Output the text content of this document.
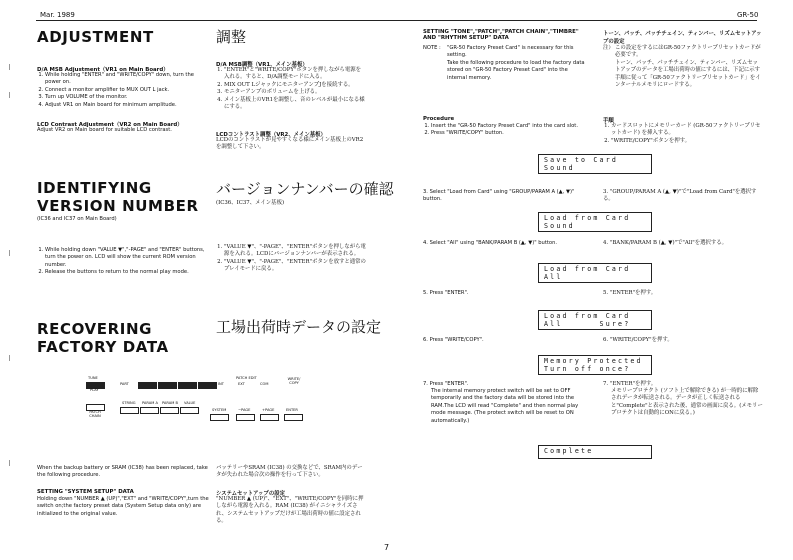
Mar. 1989	GR-50
ADJUSTMENT	調整
D/A MSB Adjustment（VR1 on Main Board）
1. While holding "ENTER" and "WRITE/COPY" down, turn the power on.
2. Connect a monitor amplifier to MUX OUT L jack.
3. Turn up VOLUME of the monitor.
4. Adjust VR1 on Main board for minimum amplitude.
LCD Contrast Adjustment（VR2 on Main Board）
Adjust VR2 on Main board for suitable LCD contrast.
D/A MSB調整（VR1、メイン基板）
1. "ENTER"と"WRITE/COPY"ボタンを押しながら電源を入れる。すると、D/A調整モードに入る。
2. MIX OUT LジャックにモニターアンプJを接続する。
3. モニターアンプのボリュームを上げる。
4. メイン基板上のVR1を調整し、音のレベルが最小になる様にする。
LCDコントラスト調整（VR2、メイン基板）
LCDのコントラストが見やすくなる様にメイン基板上のVR2を調整して下さい。
IDENTIFYING
VERSION NUMBER
(IC36 and IC37 on Main Board)
バージョンナンバーの確認
(IC36、IC37、メイン基板)
1. While holding down "VALUE ▼","-PAGE" and "ENTER" buttons, turn the power on. LCD will show the current ROM version number.
2. Release the buttons to return to the normal play mode.
1. "VALUE ▼"、"-PAGE"、"ENTER"ボタンを押しながら電源を入れる。LCDにバージョンナンバーが表示される。
2. "VALUE ▼"、"-PAGE"、"ENTER"ボタンを放すと通常のプレイモードに戻る。
RECOVERING
FACTORY DATA
工場出荷時データの設定
TUNE
PLAY
PART
PATCH EDIT
INT	EXT	COM
WRITE/ COPY
PATCH CHAIN
STRING PARAM A PARAM B VALUE
SYSTEM	−PAGE	+PAGE	ENTER
When the backup battery or SRAM (IC38) has been replaced, take the following procedure.
バッテリーやSRAM (IC38) の交換などで、SRAM内のデータが失われた場合次の操作を行って下さい。
SETTING "SYSTEM SETUP" DATA
Holding down "NUMBER ▲ (UP)","EXT" and "WRITE/COPY",turn the switch on;the factory preset data (System Setup data only) are initialized to the original value.
システムセットアップの設定
"NUMBER ▲ (UP)"、"EXT"、"WRITE/COPY"を同時に押しながら電源を入れる。RAM (IC38) がイニシャライズされ、システムセットアップだけが工場出荷時の値に設定される。
SETTING "TONE","PATCH","PATCH CHAIN","TIMBRE" AND "RHYTHM SETUP" DATA
NOTE : "GR-50 Factory Preset Card" is necessary for this setting.
Take the following procedure to load the factory data stored on "GR-50 Factory Preset Card" into the internal memory.
トーン、パッチ、パッチチェイン、ティンバー、リズムセットアップの設定
注） この設定をするにはGR-50ファクトリープリセットカードが必要です。
トーン、パッチ、パッチチェイン、ティンバー、リズムセットアップのデータを工場出荷時の値にするには、下記に示す手順に従って「GR-50ファクトリープリセットカード」をインターナルメモリにロードする。
Procedure
1. Insert the "GR-50 Factory Preset Card" into the card slot.
2. Press "WRITE/COPY" button.
手順
1. カードスロットにメモリーカード (GR-50ファクトリープリセットカード) を挿入する。
2. "WRITE/COPY"ボタンを押す。
Save to Card
Sound
3. Select "Load from Card" using "GROUP/PARAM A (▲, ▼)" button.
3. "GROUP/PARAM A (▲, ▼)"で"Load from Card"を選択する。
Load from Card
Sound
4. Select "All" using "BANK/PARAM B (▲, ▼)" button.	4. "BANK/PARAM B (▲, ▼)"で"All"を選択する。
Load from Card
All
5. Press "ENTER".	5. "ENTER"を押す。
Load from Card
All      Sure?
6. Press "WRITE/COPY".	6. "WRITE/COPY"を押す。
Memory Protected
Turn off once?
7. Press "ENTER".
The internal memory protect switch will be set to OFF temporarily and the factory data will be stored into the RAM.The LCD will read "Complete" and then normal play mode message. (The protect switch will be reset to ON automatically.)
7. "ENTER"を押す。
メモリープロテクト (ソフト上で解除できる) が一時的に解除されデータが転送される。データが正しく転送されると"Complete"と表示された後、通常の画面に戻る。(メモリープロテクトは自動的にONに戻る。)
Complete
7
